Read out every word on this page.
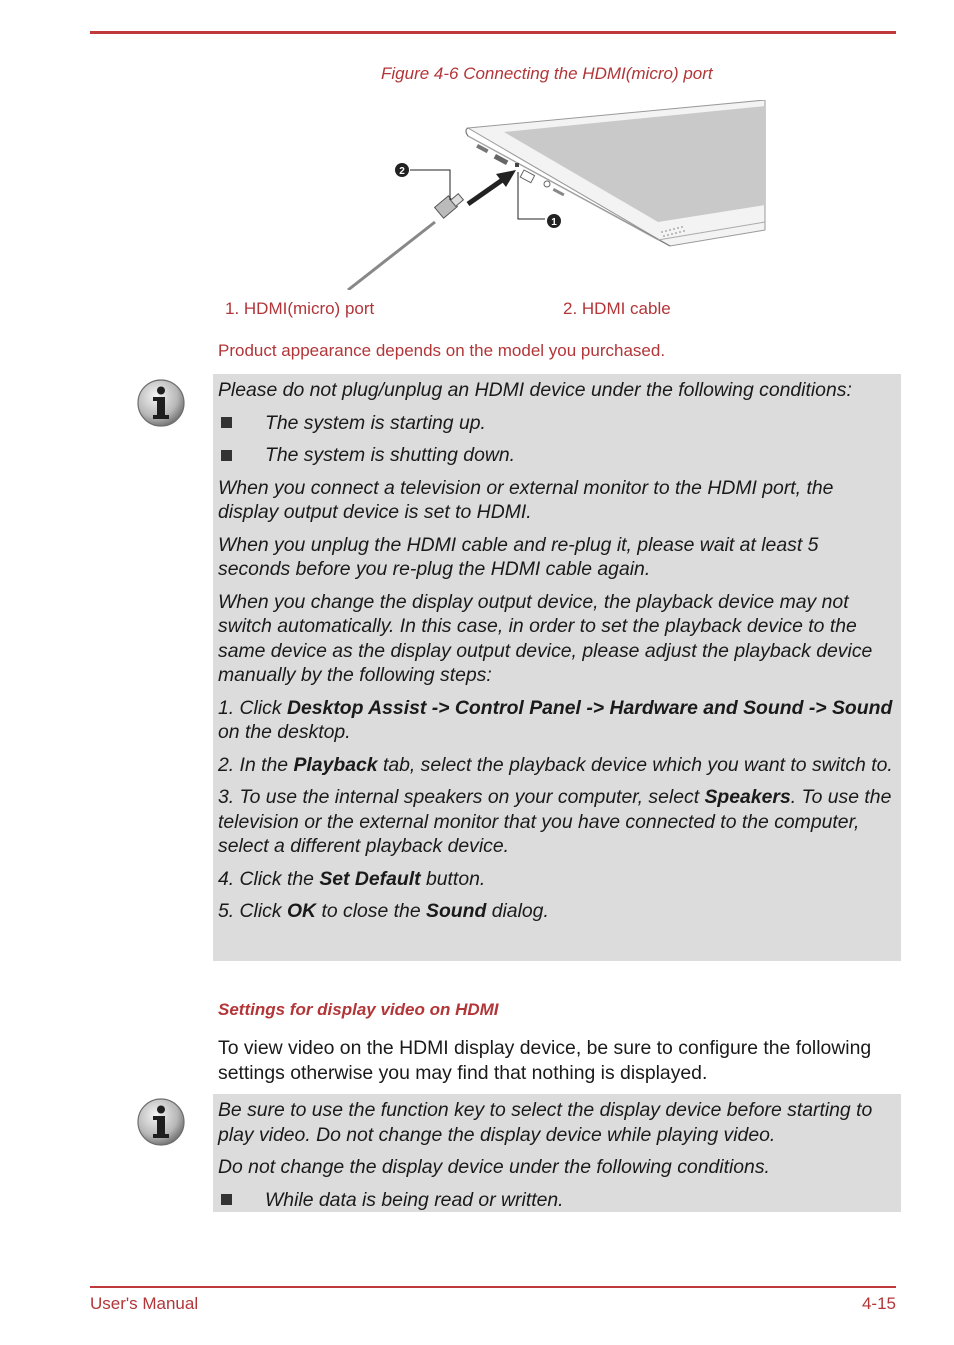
Figure 4-6 Connecting the HDMI(micro) port
2
1
1. HDMI(micro) port	2. HDMI cable
Product appearance depends on the model you purchased.

Please do not plug/unplug an HDMI device under the following conditions:

The system is starting up.
The system is shutting down.

When you connect a television or external monitor to the HDMI port, the display output device is set to HDMI.

When you unplug the HDMI cable and re-plug it, please wait at least 5 seconds before you re-plug the HDMI cable again.

When you change the display output device, the playback device may not switch automatically. In this case, in order to set the playback device to the same device as the display output device, please adjust the playback device manually by the following steps:

1. Click Desktop Assist -> Control Panel -> Hardware and Sound -> Sound on the desktop.

2. In the Playback tab, select the playback device which you want to switch to.

3. To use the internal speakers on your computer, select Speakers. To use the television or the external monitor that you have connected to the computer, select a different playback device.

4. Click the Set Default button.

5. Click OK to close the Sound dialog.

Settings for display video on HDMI
To view video on the HDMI display device, be sure to configure the following settings otherwise you may find that nothing is displayed.

Be sure to use the function key to select the display device before starting to play video. Do not change the display device while playing video.

Do not change the display device under the following conditions.

While data is being read or written.
User's Manual	4-15
